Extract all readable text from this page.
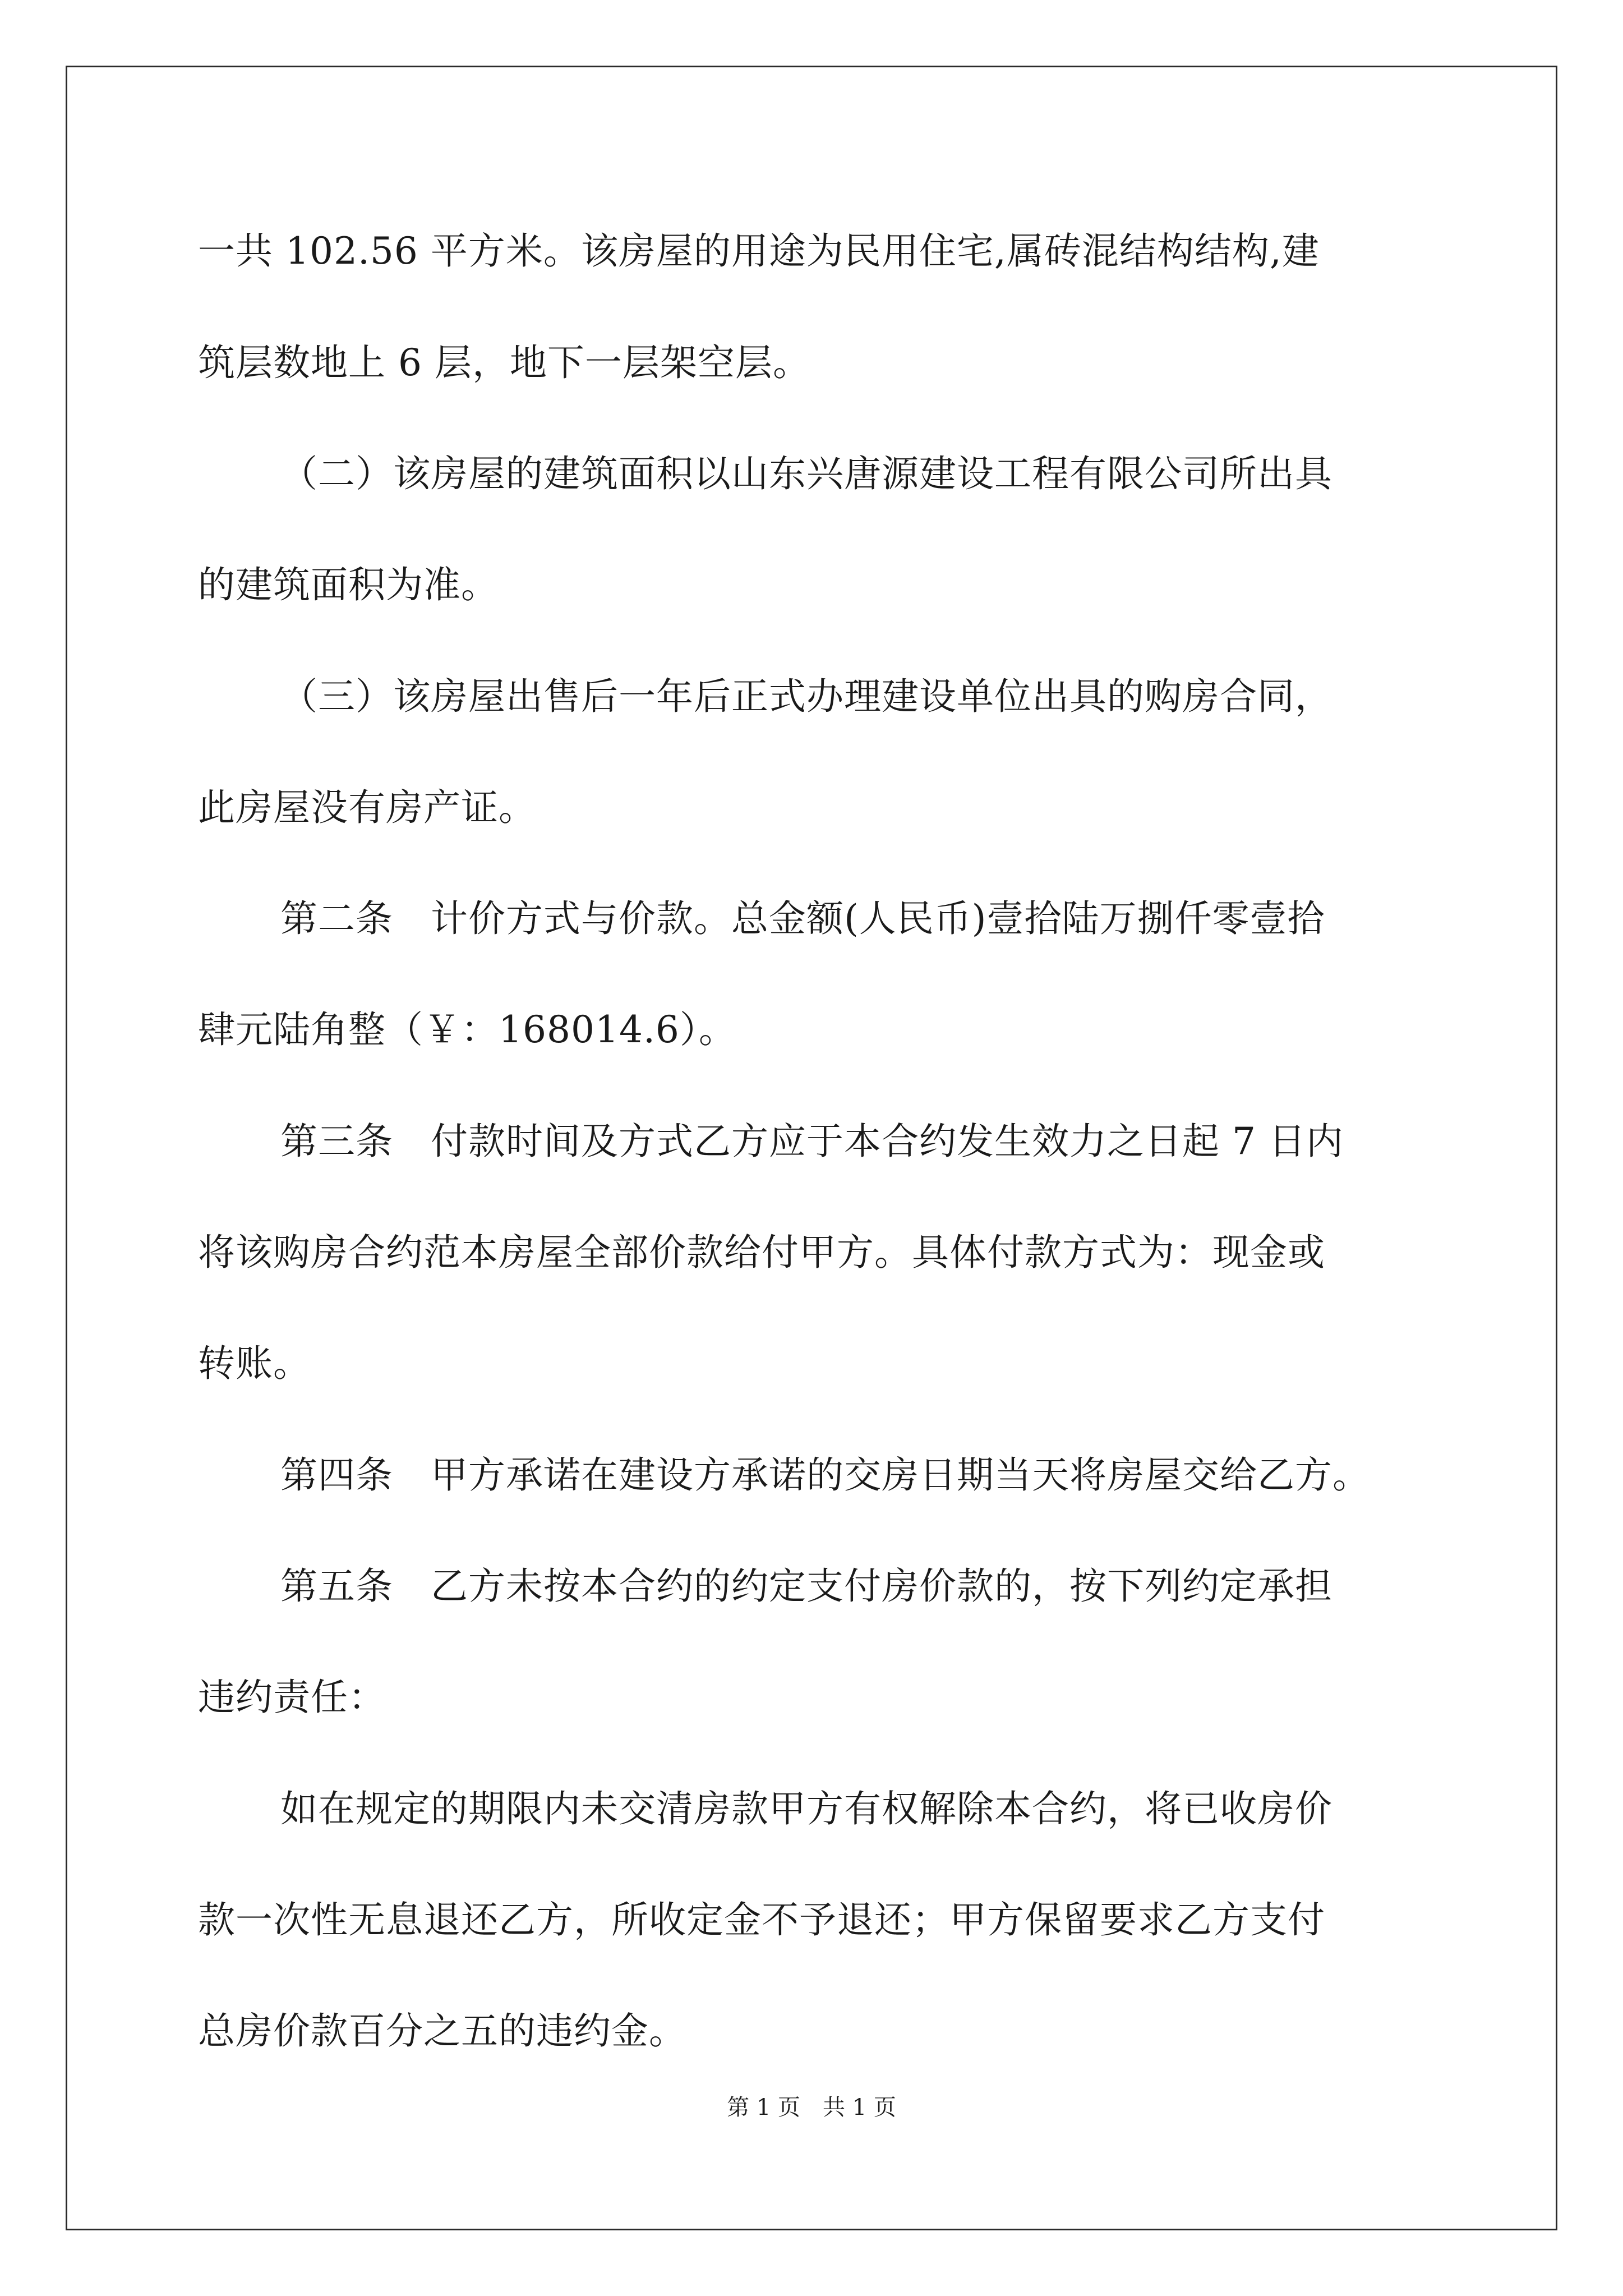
一共 102.56 平方米。该房屋的用途为民用住宅,属砖混结构结构,建
筑层数地上 6 层，地下一层架空层。
（二）该房屋的建筑面积以山东兴唐源建设工程有限公司所出具
的建筑面积为准。
（三）该房屋出售后一年后正式办理建设单位出具的购房合同，
此房屋没有房产证。
第二条　计价方式与价款。总金额(人民币)壹拾陆万捌仟零壹拾
肆元陆角整（￥：168014.6）。
第三条　付款时间及方式乙方应于本合约发生效力之日起 7 日内
将该购房合约范本房屋全部价款给付甲方。具体付款方式为：现金或
转账。
第四条　甲方承诺在建设方承诺的交房日期当天将房屋交给乙方。
第五条　乙方未按本合约的约定支付房价款的，按下列约定承担
违约责任：
如在规定的期限内未交清房款甲方有权解除本合约，将已收房价
款一次性无息退还乙方，所收定金不予退还；甲方保留要求乙方支付
总房价款百分之五的违约金。
第 1 页　共 1 页
